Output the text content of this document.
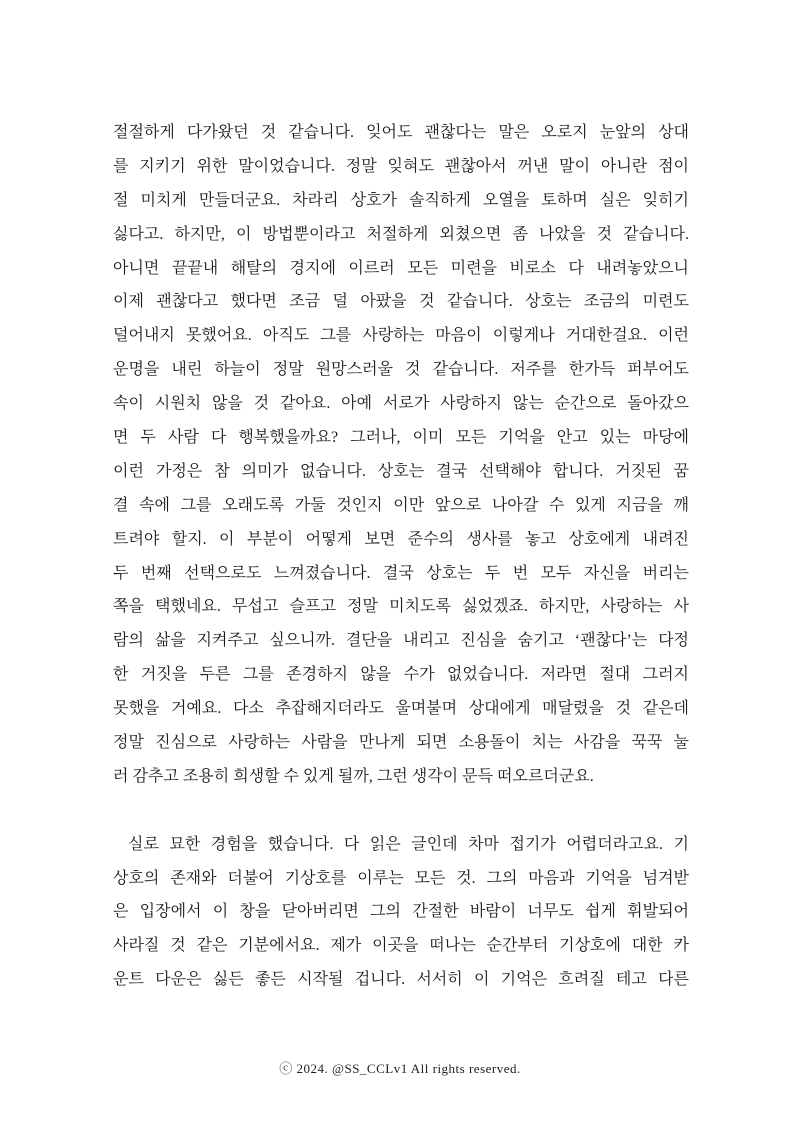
절절하게 다가왔던 것 같습니다. 잊어도 괜찮다는 말은 오로지 눈앞의 상대
를 지키기 위한 말이었습니다. 정말 잊혀도 괜찮아서 꺼낸 말이 아니란 점이
절 미치게 만들더군요. 차라리 상호가 솔직하게 오열을 토하며 실은 잊히기
싫다고. 하지만, 이 방법뿐이라고 처절하게 외쳤으면 좀 나았을 것 같습니다.
아니면 끝끝내 해탈의 경지에 이르러 모든 미련을 비로소 다 내려놓았으니
이제 괜찮다고 했다면 조금 덜 아팠을 것 같습니다. 상호는 조금의 미련도
덜어내지 못했어요. 아직도 그를 사랑하는 마음이 이렇게나 거대한걸요. 이런
운명을 내린 하늘이 정말 원망스러울 것 같습니다. 저주를 한가득 퍼부어도
속이 시원치 않을 것 같아요. 아예 서로가 사랑하지 않는 순간으로 돌아갔으
면 두 사람 다 행복했을까요? 그러나, 이미 모든 기억을 안고 있는 마당에
이런 가정은 참 의미가 없습니다. 상호는 결국 선택해야 합니다. 거짓된 꿈
결 속에 그를 오래도록 가둘 것인지 이만 앞으로 나아갈 수 있게 지금을 깨
트려야 할지. 이 부분이 어떻게 보면 준수의 생사를 놓고 상호에게 내려진
두 번째 선택으로도 느껴졌습니다. 결국 상호는 두 번 모두 자신을 버리는
쪽을 택했네요. 무섭고 슬프고 정말 미치도록 싫었겠죠. 하지만, 사랑하는 사
람의 삶을 지켜주고 싶으니까. 결단을 내리고 진심을 숨기고 ‘괜찮다’는 다정
한 거짓을 두른 그를 존경하지 않을 수가 없었습니다. 저라면 절대 그러지
못했을 거예요. 다소 추잡해지더라도 울며불며 상대에게 매달렸을 것 같은데
정말 진심으로 사랑하는 사람을 만나게 되면 소용돌이 치는 사감을 꾹꾹 눌
러 감추고 조용히 희생할 수 있게 될까, 그런 생각이 문득 떠오르더군요.
실로 묘한 경험을 했습니다. 다 읽은 글인데 차마 접기가 어렵더라고요. 기
상호의 존재와 더불어 기상호를 이루는 모든 것. 그의 마음과 기억을 넘겨받
은 입장에서 이 창을 닫아버리면 그의 간절한 바람이 너무도 쉽게 휘발되어
사라질 것 같은 기분에서요. 제가 이곳을 떠나는 순간부터 기상호에 대한 카
운트 다운은 싫든 좋든 시작될 겁니다. 서서히 이 기억은 흐려질 테고 다른
ⓒ 2024. @SS_CCLv1 All rights reserved.
